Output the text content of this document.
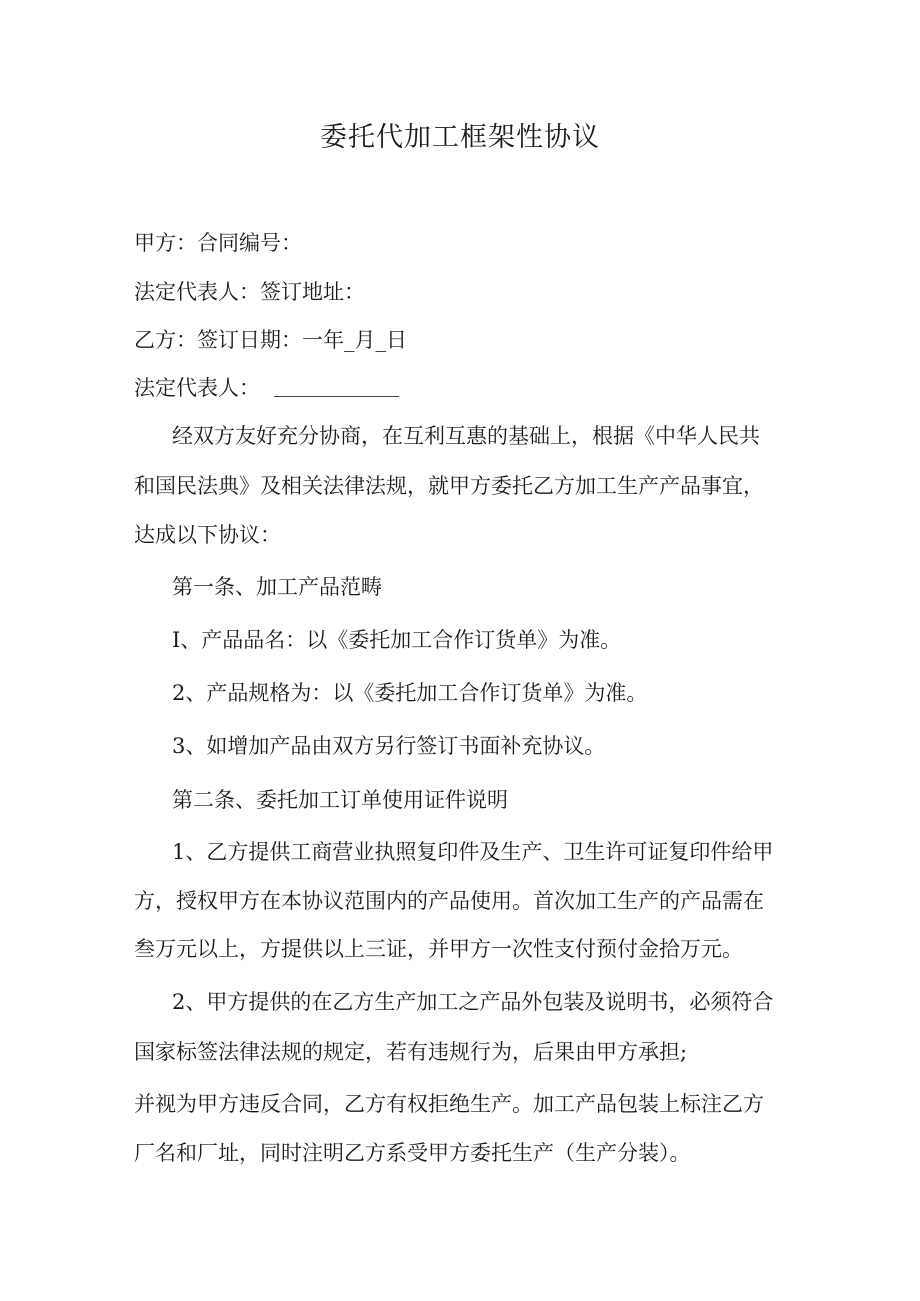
委托代加工框架性协议

甲方：合同编号：

法定代表人：签订地址：

乙方：签订日期：一年_月_日

法定代表人：

经双方友好充分协商，在互利互惠的基础上，根据《中华人民共

和国民法典》及相关法律法规，就甲方委托乙方加工生产产品事宜，

达成以下协议：

第一条、加工产品范畴

I、产品品名：以《委托加工合作订货单》为准。

2、产品规格为：以《委托加工合作订货单》为准。

3、如增加产品由双方另行签订书面补充协议。

第二条、委托加工订单使用证件说明

1、乙方提供工商营业执照复印件及生产、卫生许可证复印件给甲

方，授权甲方在本协议范围内的产品使用。首次加工生产的产品需在

叁万元以上，方提供以上三证，并甲方一次性支付预付金拾万元。

2、甲方提供的在乙方生产加工之产品外包装及说明书，必须符合

国家标签法律法规的规定，若有违规行为，后果由甲方承担;

并视为甲方违反合同，乙方有权拒绝生产。加工产品包装上标注乙方

厂名和厂址，同时注明乙方系受甲方委托生产（生产分装）。
